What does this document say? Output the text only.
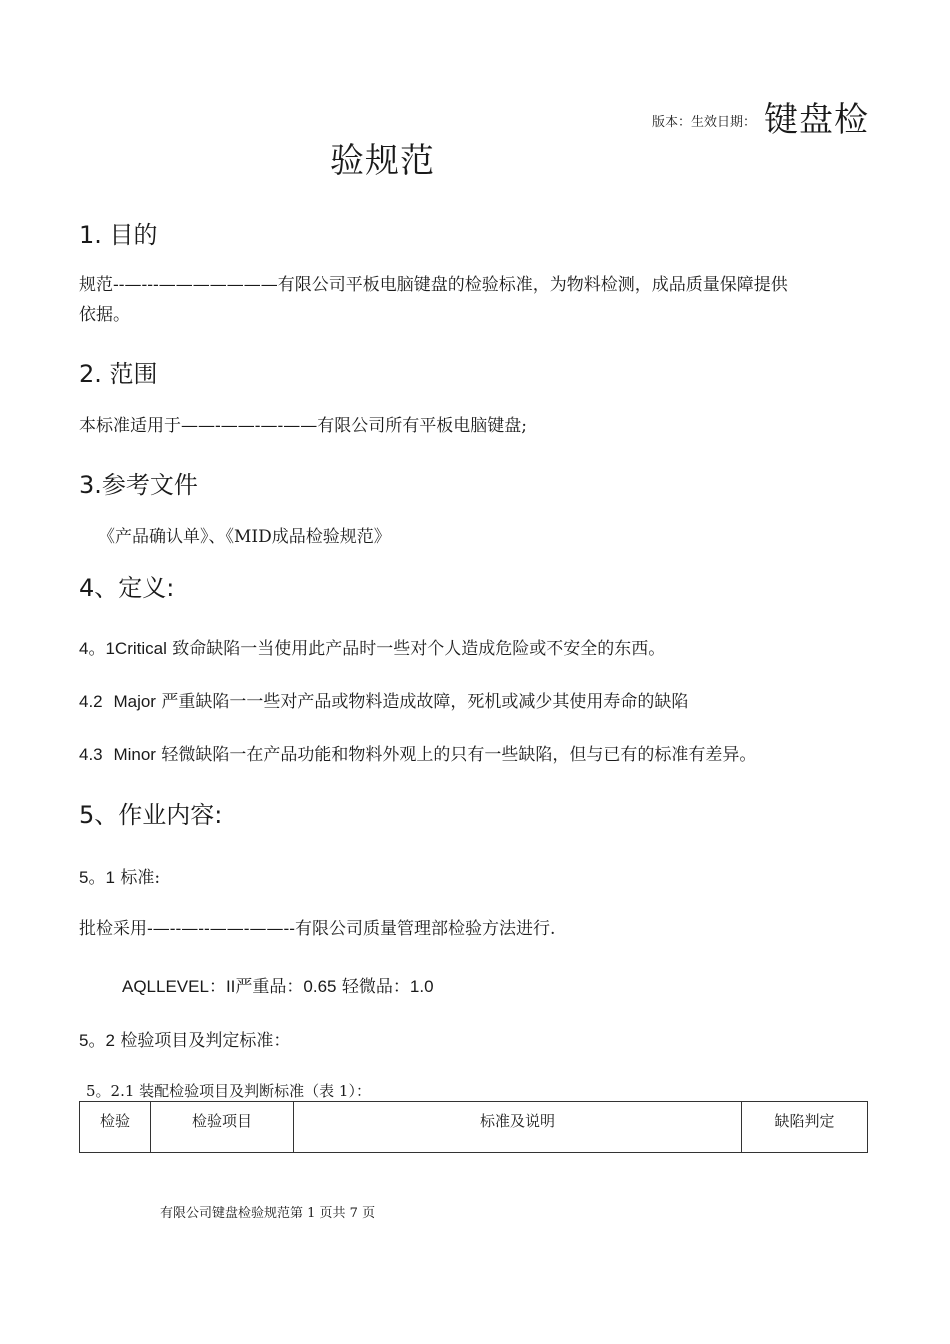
版本：生效日期： 键盘检
验规范
1. 目的
规范--—---———————有限公司平板电脑键盘的检验标准，为物料检测，成品质量保障提供
依据。
2. 范围
本标准适用于——-——-—-——有限公司所有平板电脑键盘;
3.参考文件
《产品确认单》、《MID成品检验规范》
4、定义:
4。1Critical 致命缺陷一当使用此产品时一些对个人造成危险或不安全的东西。
4.2 Major 严重缺陷一一些对产品或物料造成故障，死机或减少其使用寿命的缺陷
4.3 Minor 轻微缺陷一在产品功能和物料外观上的只有一些缺陷，但与已有的标准有差异。
5、作业内容:
5。1 标准:
批检采用-—--—--——-——--有限公司质量管理部检验方法进行.
AQLLEVEL：II严重品：0.65 轻微品：1.0
5。2 检验项目及判定标准：
5。2.1 装配检验项目及判断标准（表 1）：
检验	检验项目	标准及说明	缺陷判定
有限公司键盘检验规范第 1 页共 7 页
